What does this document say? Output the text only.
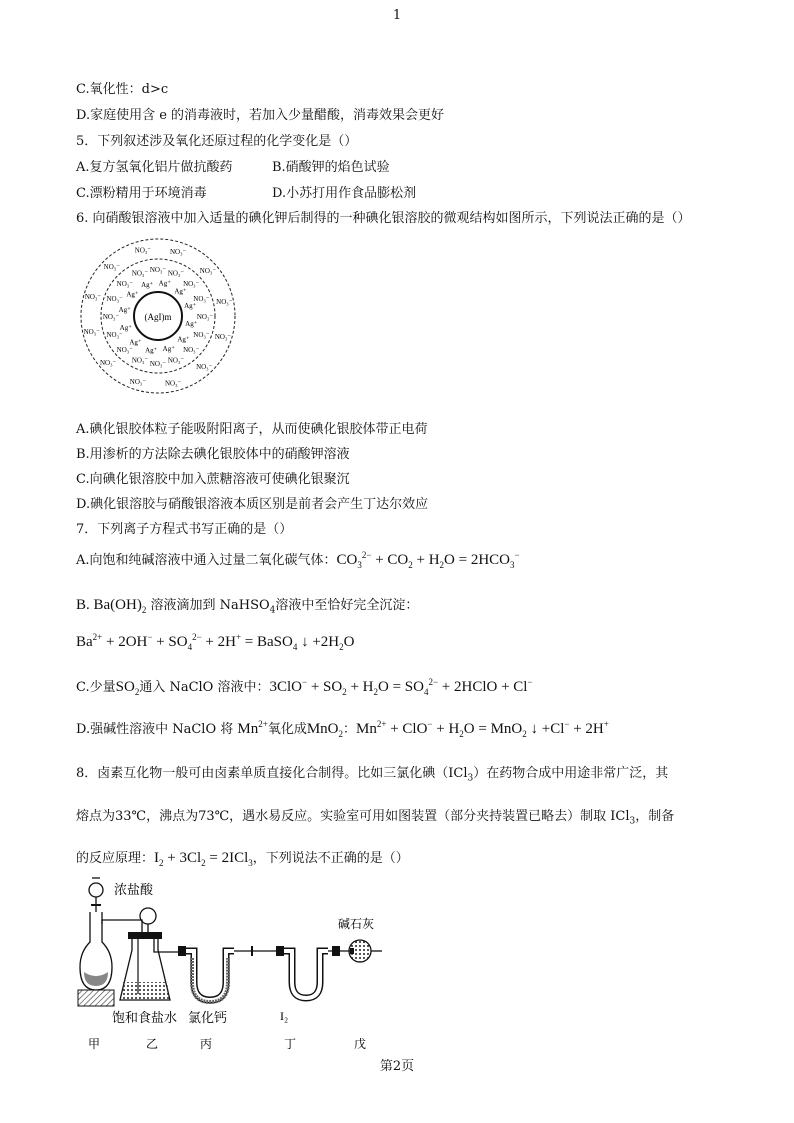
1
C.氧化性：d>c
D.家庭使用含 e 的消毒液时，若加入少量醋酸，消毒效果会更好
5．下列叙述涉及氧化还原过程的化学变化是（）
A.复方氢氧化铝片做抗酸药	B.硝酸钾的焰色试验
C.漂粉精用于环境消毒	D.小苏打用作食品膨松剂
6. 向硝酸银溶液中加入适量的碘化钾后制得的一种碘化银溶胶的微观结构如图所示，下列说法正确的是（）
(AgI)m
Ag⁺
Ag⁺
Ag⁺
Ag⁺
Ag⁺
Ag⁺
Ag⁺
Ag⁺
Ag⁺ Ag⁺
Ag⁺
Ag⁺
NO₃⁻
NO₃⁻
NO₃⁻
NO₃⁻
NO₃⁻
NO₃⁻
NO₃⁻
NO₃⁻
NO₃⁻
NO₃⁻
NO₃⁻
NO₃⁻ NO₃⁻ NO₃⁻
NO₃⁻
NO₃⁻
NO₃⁻
NO₃⁻
NO₃⁻
NO₃⁻
NO₃⁻
NO₃⁻
NO₃⁻
NO₃⁻
NO₃⁻	NO₃⁻
NO₃⁻
NO₃⁻
A.碘化银胶体粒子能吸附阳离子，从而使碘化银胶体带正电荷
B.用渗析的方法除去碘化银胶体中的硝酸钾溶液
C.向碘化银溶胶中加入蔗糖溶液可使碘化银聚沉
D.碘化银溶胶与硝酸银溶液本质区别是前者会产生丁达尔效应
7．下列离子方程式书写正确的是（）
A.向饱和纯碱溶液中通入过量二氧化碳气体：$CO_3^{2-} + CO_2 + H_2O = 2HCO_3^-$
B. $Ba(OH)_2$ 溶液滴加到 NaHSO$_4$溶液中至恰好完全沉淀：
$Ba^{2+} + 2OH^- + SO_4^{2-} + 2H^+$ = BaSO$_4$ ↓ $+2H_2O$
C.少量$SO_2$通入 NaClO 溶液中：$3ClO^- + SO_2 + H_2O = SO_4^{2-}$ + 2HClO + Cl−
D.强碱性溶液中 NaClO 将 $Mn^{2+}$氧化成MnO$_2$：$Mn^{2+} + ClO^- + H_2O = MnO_2$ ↓ +Cl− + 2H+
8．卤素互化物一般可由卤素单质直接化合制得。比如三氯化碘（ICl$_3$）在药物合成中用途非常广泛，其
熔点为33℃，沸点为73℃，遇水易反应。实验室可用如图装置（部分夹持装置已略去）制取 ICl$_3$，制备
的反应原理：$I_2 + 3Cl_2 = 2ICl_3$，下列说法不正确的是（）
浓盐酸
碱石灰
饱和食盐水 氯化钙	I₂
甲	乙	丙	丁	戊
第2页
